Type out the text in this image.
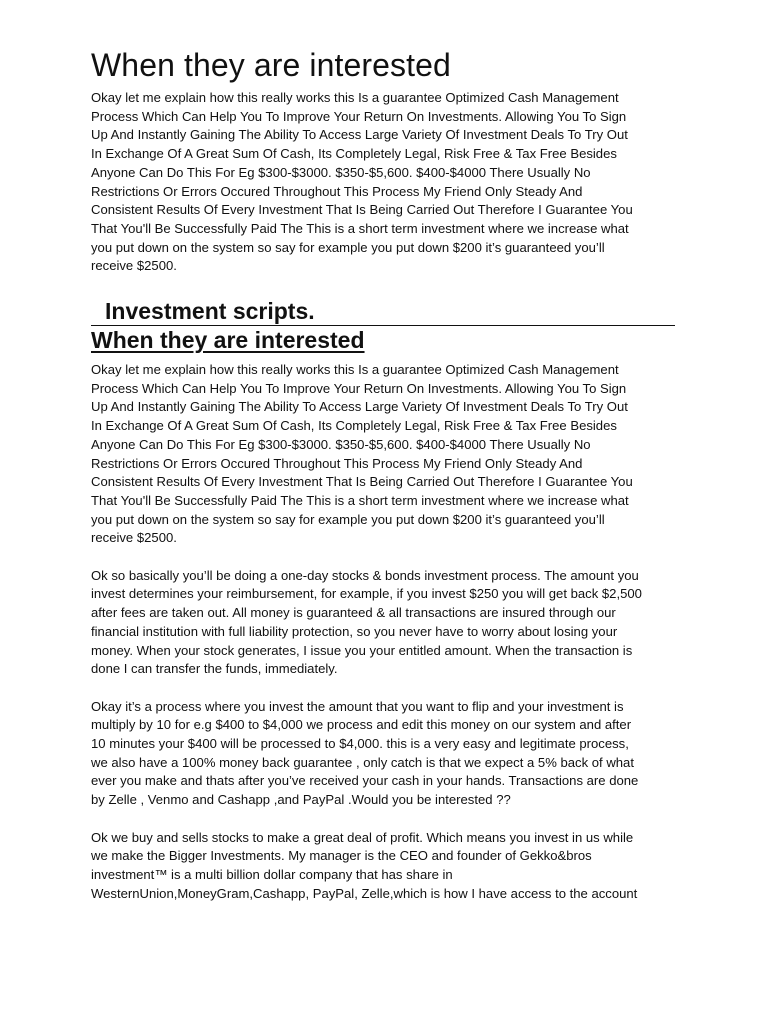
When they are interested

Okay let me explain how this really works this Is a guarantee Optimized Cash Management
Process Which Can Help You To Improve Your Return On Investments. Allowing You To Sign
Up And Instantly Gaining The Ability To Access Large Variety Of Investment Deals To Try Out
In Exchange Of A Great Sum Of Cash, Its Completely Legal, Risk Free & Tax Free Besides
Anyone Can Do This For Eg $300-$3000. $350-$5,600. $400-$4000 There Usually No
Restrictions Or Errors Occured Throughout This Process My Friend Only Steady And
Consistent Results Of Every Investment That Is Being Carried Out Therefore I Guarantee You
That You'll Be Successfully Paid The This is a short term investment where we increase what
you put down on the system so say for example you put down $200 it’s guaranteed you’ll
receive $2500.

Investment scripts.
When they are interested

Okay let me explain how this really works this Is a guarantee Optimized Cash Management
Process Which Can Help You To Improve Your Return On Investments. Allowing You To Sign
Up And Instantly Gaining The Ability To Access Large Variety Of Investment Deals To Try Out
In Exchange Of A Great Sum Of Cash, Its Completely Legal, Risk Free & Tax Free Besides
Anyone Can Do This For Eg $300-$3000. $350-$5,600. $400-$4000 There Usually No
Restrictions Or Errors Occured Throughout This Process My Friend Only Steady And
Consistent Results Of Every Investment That Is Being Carried Out Therefore I Guarantee You
That You'll Be Successfully Paid The This is a short term investment where we increase what
you put down on the system so say for example you put down $200 it’s guaranteed you’ll
receive $2500.

Ok so basically you’ll be doing a one-day stocks & bonds investment process. The amount you
invest determines your reimbursement, for example, if you invest $250 you will get back $2,500
after fees are taken out. All money is guaranteed & all transactions are insured through our
financial institution with full liability protection, so you never have to worry about losing your
money. When your stock generates, I issue you your entitled amount. When the transaction is
done I can transfer the funds, immediately.

Okay it’s a process where you invest the amount that you want to flip and your investment is
multiply by 10 for e.g $400 to $4,000 we process and edit this money on our system and after
10 minutes your $400 will be processed to $4,000. this is a very easy and legitimate process,
we also have a 100% money back guarantee , only catch is that we expect a 5% back of what
ever you make and thats after you’ve received your cash in your hands. Transactions are done
by Zelle , Venmo and Cashapp ,and PayPal .Would you be interested ??

Ok we buy and sells stocks to make a great deal of profit. Which means you invest in us while
we make the Bigger Investments. My manager is the CEO and founder of Gekko&bros
investment™ is a multi billion dollar company that has share in
WesternUnion,MoneyGram,Cashapp, PayPal, Zelle,which is how I have access to the account
